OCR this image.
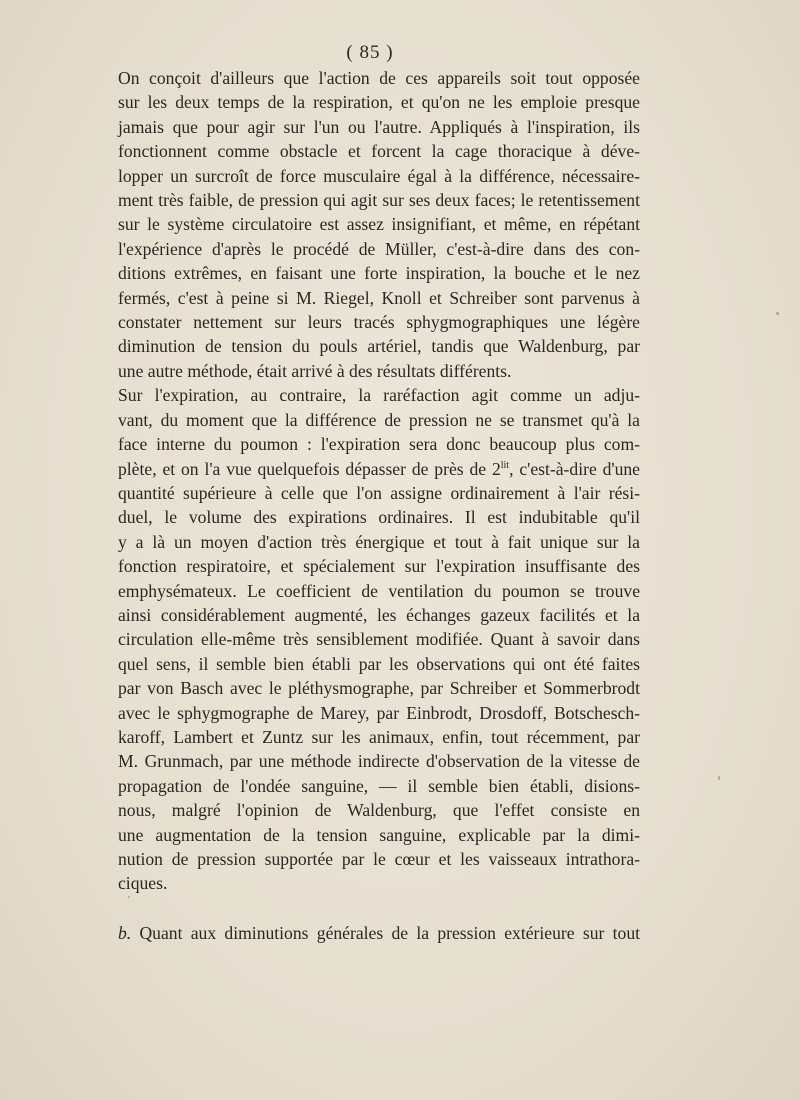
( 85 )
On conçoit d'ailleurs que l'action de ces appareils soit tout opposée
sur les deux temps de la respiration, et qu'on ne les emploie presque
jamais que pour agir sur l'un ou l'autre. Appliqués à l'inspiration, ils
fonctionnent comme obstacle et forcent la cage thoracique à déve-
lopper un surcroît de force musculaire égal à la différence, nécessaire-
ment très faible, de pression qui agit sur ses deux faces; le retentissement
sur le système circulatoire est assez insignifiant, et même, en répétant
l'expérience d'après le procédé de Müller, c'est-à-dire dans des con-
ditions extrêmes, en faisant une forte inspiration, la bouche et le nez
fermés, c'est à peine si M. Riegel, Knoll et Schreiber sont parvenus à
constater nettement sur leurs tracés sphygmographiques une légère
diminution de tension du pouls artériel, tandis que Waldenburg, par
une autre méthode, était arrivé à des résultats différents.
Sur l'expiration, au contraire, la raréfaction agit comme un adju-
vant, du moment que la différence de pression ne se transmet qu'à la
face interne du poumon : l'expiration sera donc beaucoup plus com-
plète, et on l'a vue quelquefois dépasser de près de $2^{lit}$, c'est-à-dire d'une
quantité supérieure à celle que l'on assigne ordinairement à l'air rési-
duel, le volume des expirations ordinaires. Il est indubitable qu'il
y a là un moyen d'action très énergique et tout à fait unique sur la
fonction respiratoire, et spécialement sur l'expiration insuffisante des
emphysémateux. Le coefficient de ventilation du poumon se trouve
ainsi considérablement augmenté, les échanges gazeux facilités et la
circulation elle-même très sensiblement modifiée. Quant à savoir dans
quel sens, il semble bien établi par les observations qui ont été faites
par von Basch avec le pléthysmographe, par Schreiber et Sommerbrodt
avec le sphygmographe de Marey, par Einbrodt, Drosdoff, Botschesch-
karoff, Lambert et Zuntz sur les animaux, enfin, tout récemment, par
M. Grunmach, par une méthode indirecte d'observation de la vitesse de
propagation de l'ondée sanguine, — il semble bien établi, disions-
nous, malgré l'opinion de Waldenburg, que l'effet consiste en
une augmentation de la tension sanguine, explicable par la dimi-
nution de pression supportée par le cœur et les vaisseaux intrathora-
ciques.
b. Quant aux diminutions générales de la pression extérieure sur tout
